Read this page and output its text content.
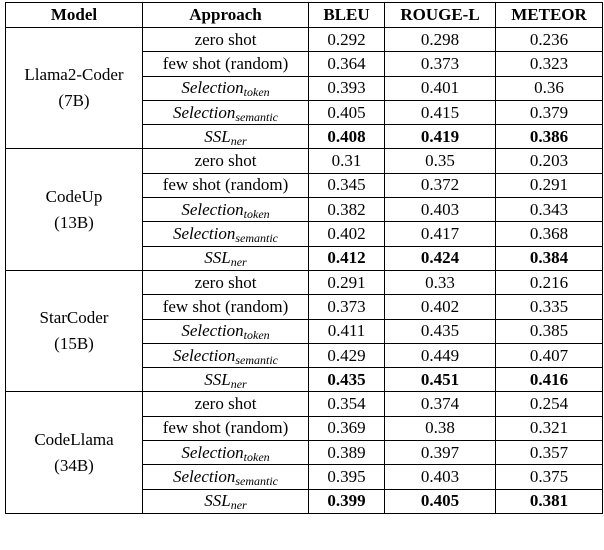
Model	Approach	BLEU	ROUGE-L	METEOR

Llama2-Coder
(7B)	zero shot	0.292	0.298	0.236
	few shot (random)	0.364	0.373	0.323
	Selection$_{token}$	0.393	0.401	0.36
	Selection$_{semantic}$	0.405	0.415	0.379
	$SSL_{ner}$	0.408	0.419	0.386

CodeUp
(13B)	zero shot	0.31	0.35	0.203
	few shot (random)	0.345	0.372	0.291
	Selection$_{token}$	0.382	0.403	0.343
	Selection$_{semantic}$	0.402	0.417	0.368
	$SSL_{ner}$	0.412	0.424	0.384

StarCoder
(15B)	zero shot	0.291	0.33	0.216
	few shot (random)	0.373	0.402	0.335
	Selection$_{token}$	0.411	0.435	0.385
	Selection$_{semantic}$	0.429	0.449	0.407
	$SSL_{ner}$	0.435	0.451	0.416

CodeLlama
(34B)	zero shot	0.354	0.374	0.254
	few shot (random)	0.369	0.38	0.321
	Selection$_{token}$	0.389	0.397	0.357
	Selection$_{semantic}$	0.395	0.403	0.375
	$SSL_{ner}$	0.399	0.405	0.381
